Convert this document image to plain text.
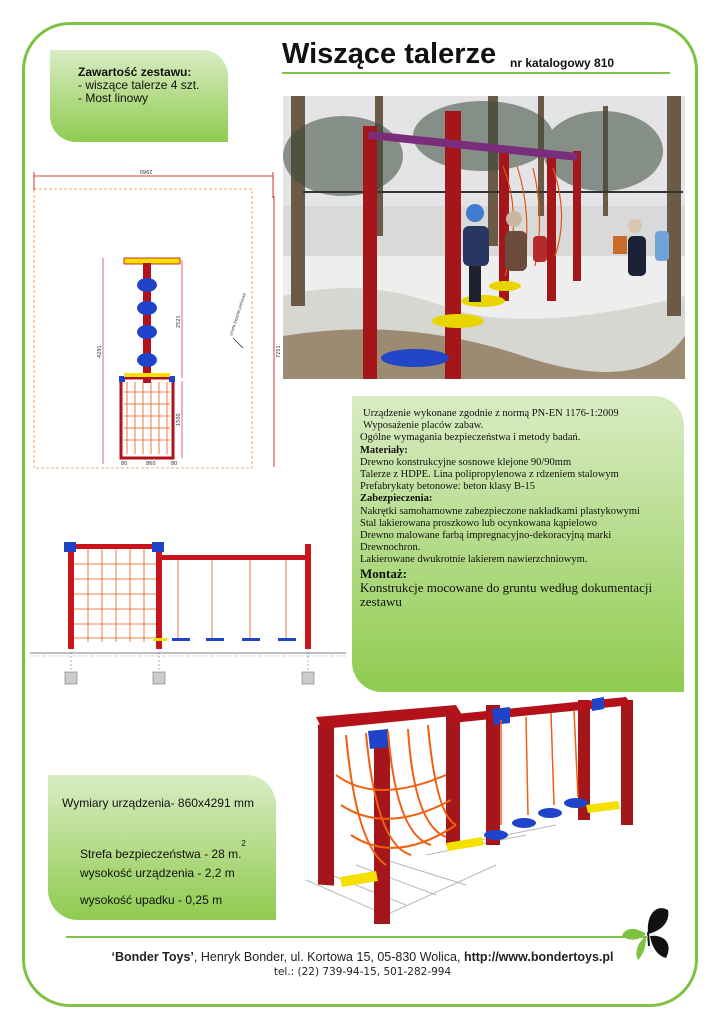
Wiszące talerze nr katalogowy 810
Zawartość zestawu:
- wiszące talerze 4 szt.
- Most linowy
2960
7251
strefa bezpieczeństwa
4291
2521
1500
860
80	80
Urządzenie wykonane zgodnie z normą PN-EN 1176-1:2009
Wyposażenie placów zabaw.
Ogólne wymagania bezpieczeństwa i metody badań.
Materiały:
Drewno konstrukcyjne sosnowe klejone 90/90mm
Talerze z HDPE. Lina polipropylenowa z rdzeniem stalowym
Prefabrykaty betonowe: beton klasy B-15
Zabezpieczenia:
Nakrętki samohamowne zabezpieczone nakładkami plastykowymi
Stal lakierowana proszkowo lub ocynkowana kąpielowo
Drewno malowane farbą impregnacyjno-dekoracyjną marki
Drewnochron.
Lakierowane dwukrotnie lakierem nawierzchniowym.
Montaż:
Konstrukcje mocowane do gruntu według dokumentacji
zestawu
Wymiary urządzenia- 860x4291 mm
Strefa bezpieczeństwa - 28 m.$^2$
wysokość urządzenia - 2,2 m
wysokość upadku - 0,25 m
‘Bonder Toys’, Henryk Bonder, ul. Kortowa 15, 05-830 Wolica, http://www.bondertoys.pl
tel.: (22) 739-94-15, 501-282-994
